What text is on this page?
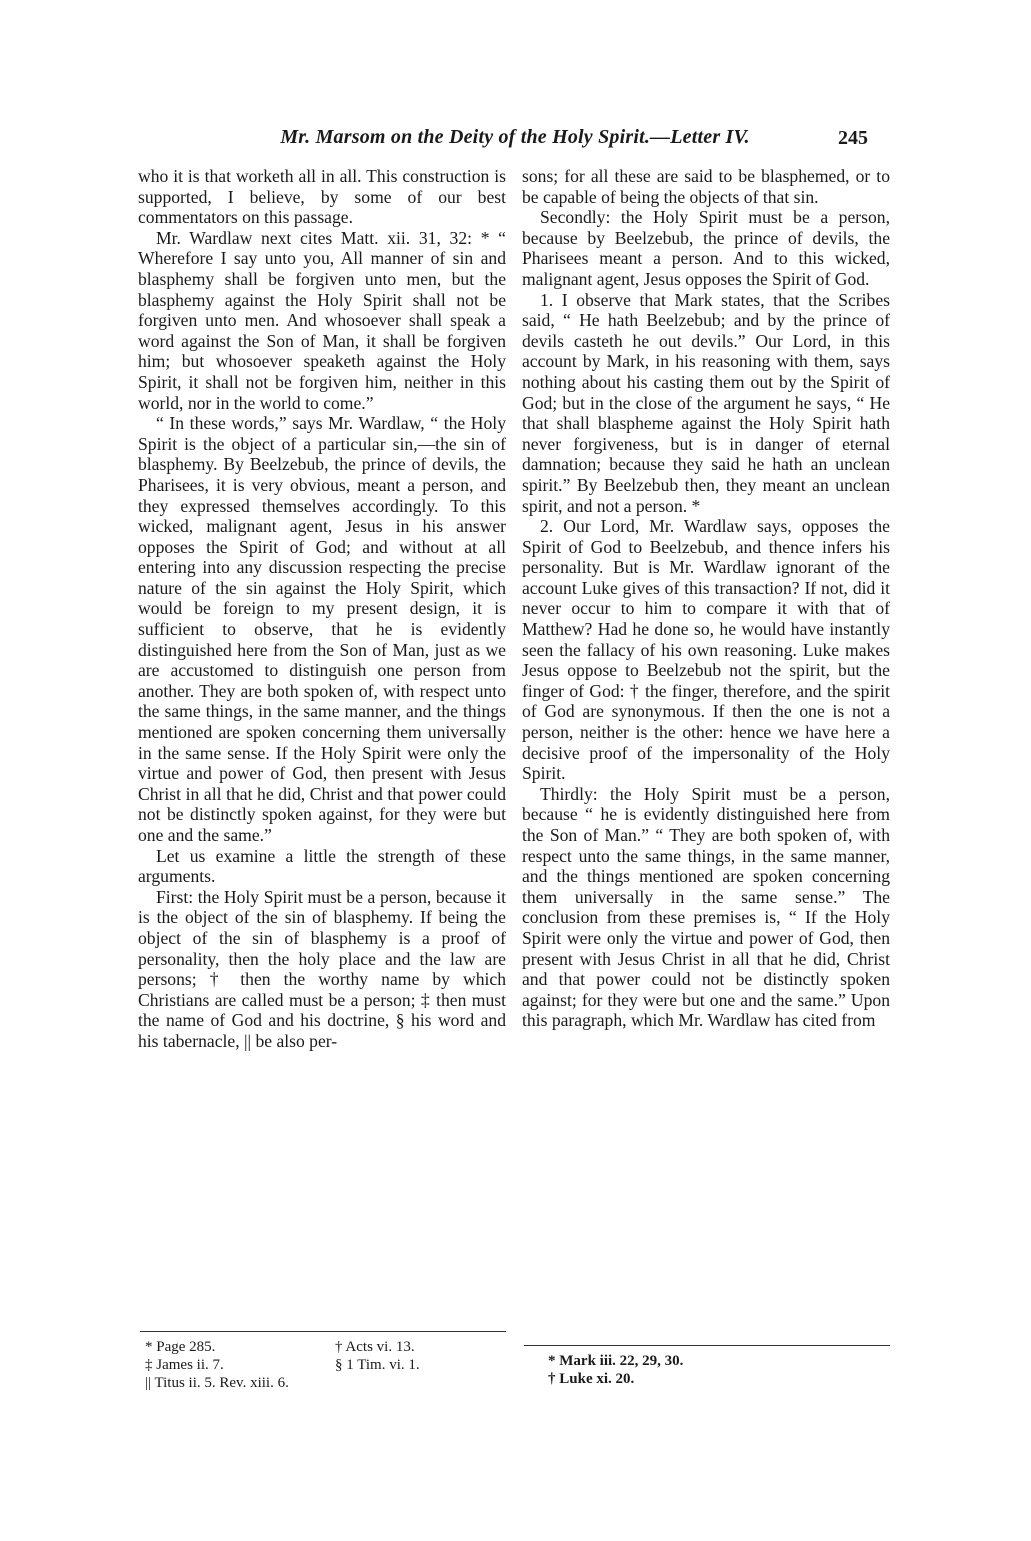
Mr. Marsom on the Deity of the Holy Spirit.—Letter IV.	245

who it is that worketh all in all. This construction is supported, I believe, by some of our best commentators on this passage.

Mr. Wardlaw next cites Matt. xii. 31, 32: * “ Wherefore I say unto you, All manner of sin and blasphemy shall be forgiven unto men, but the blasphemy against the Holy Spirit shall not be forgiven unto men. And whosoever shall speak a word against the Son of Man, it shall be forgiven him; but whosoever speaketh against the Holy Spirit, it shall not be forgiven him, neither in this world, nor in the world to come.”

“ In these words,” says Mr. Wardlaw, “ the Holy Spirit is the object of a particular sin,—the sin of blasphemy. By Beelzebub, the prince of devils, the Pharisees, it is very obvious, meant a person, and they expressed themselves accordingly. To this wicked, malignant agent, Jesus in his answer opposes the Spirit of God; and without at all entering into any discussion respecting the precise nature of the sin against the Holy Spirit, which would be foreign to my present design, it is sufficient to observe, that he is evidently distinguished here from the Son of Man, just as we are accustomed to distinguish one person from another. They are both spoken of, with respect unto the same things, in the same manner, and the things mentioned are spoken concerning them universally in the same sense. If the Holy Spirit were only the virtue and power of God, then present with Jesus Christ in all that he did, Christ and that power could not be distinctly spoken against, for they were but one and the same.”

Let us examine a little the strength of these arguments.

First: the Holy Spirit must be a person, because it is the object of the sin of blasphemy. If being the object of the sin of blasphemy is a proof of personality, then the holy place and the law are persons; † then the worthy name by which Christians are called must be a person; ‡ then must the name of God and his doctrine, § his word and his tabernacle, || be also per-

sons; for all these are said to be blasphemed, or to be capable of being the objects of that sin.

Secondly: the Holy Spirit must be a person, because by Beelzebub, the prince of devils, the Pharisees meant a person. And to this wicked, malignant agent, Jesus opposes the Spirit of God.

1. I observe that Mark states, that the Scribes said, “ He hath Beelzebub; and by the prince of devils casteth he out devils.” Our Lord, in this account by Mark, in his reasoning with them, says nothing about his casting them out by the Spirit of God; but in the close of the argument he says, “ He that shall blaspheme against the Holy Spirit hath never forgiveness, but is in danger of eternal damnation; because they said he hath an unclean spirit.” By Beelzebub then, they meant an unclean spirit, and not a person. *

2. Our Lord, Mr. Wardlaw says, opposes the Spirit of God to Beelzebub, and thence infers his personality. But is Mr. Wardlaw ignorant of the account Luke gives of this transaction? If not, did it never occur to him to compare it with that of Matthew? Had he done so, he would have instantly seen the fallacy of his own reasoning. Luke makes Jesus oppose to Beelzebub not the spirit, but the finger of God: † the finger, therefore, and the spirit of God are synonymous. If then the one is not a person, neither is the other: hence we have here a decisive proof of the impersonality of the Holy Spirit.

Thirdly: the Holy Spirit must be a person, because “ he is evidently distinguished here from the Son of Man.” “ They are both spoken of, with respect unto the same things, in the same manner, and the things mentioned are spoken concerning them universally in the same sense.” The conclusion from these premises is, “ If the Holy Spirit were only the virtue and power of God, then present with Jesus Christ in all that he did, Christ and that power could not be distinctly spoken against; for they were but one and the same.” Upon this paragraph, which Mr. Wardlaw has cited from

* Page 285.	† Acts vi. 13.
‡ James ii. 7.	§ 1 Tim. vi. 1.
|| Titus ii. 5. Rev. xiii. 6.
* Mark iii. 22, 29, 30.
† Luke xi. 20.
